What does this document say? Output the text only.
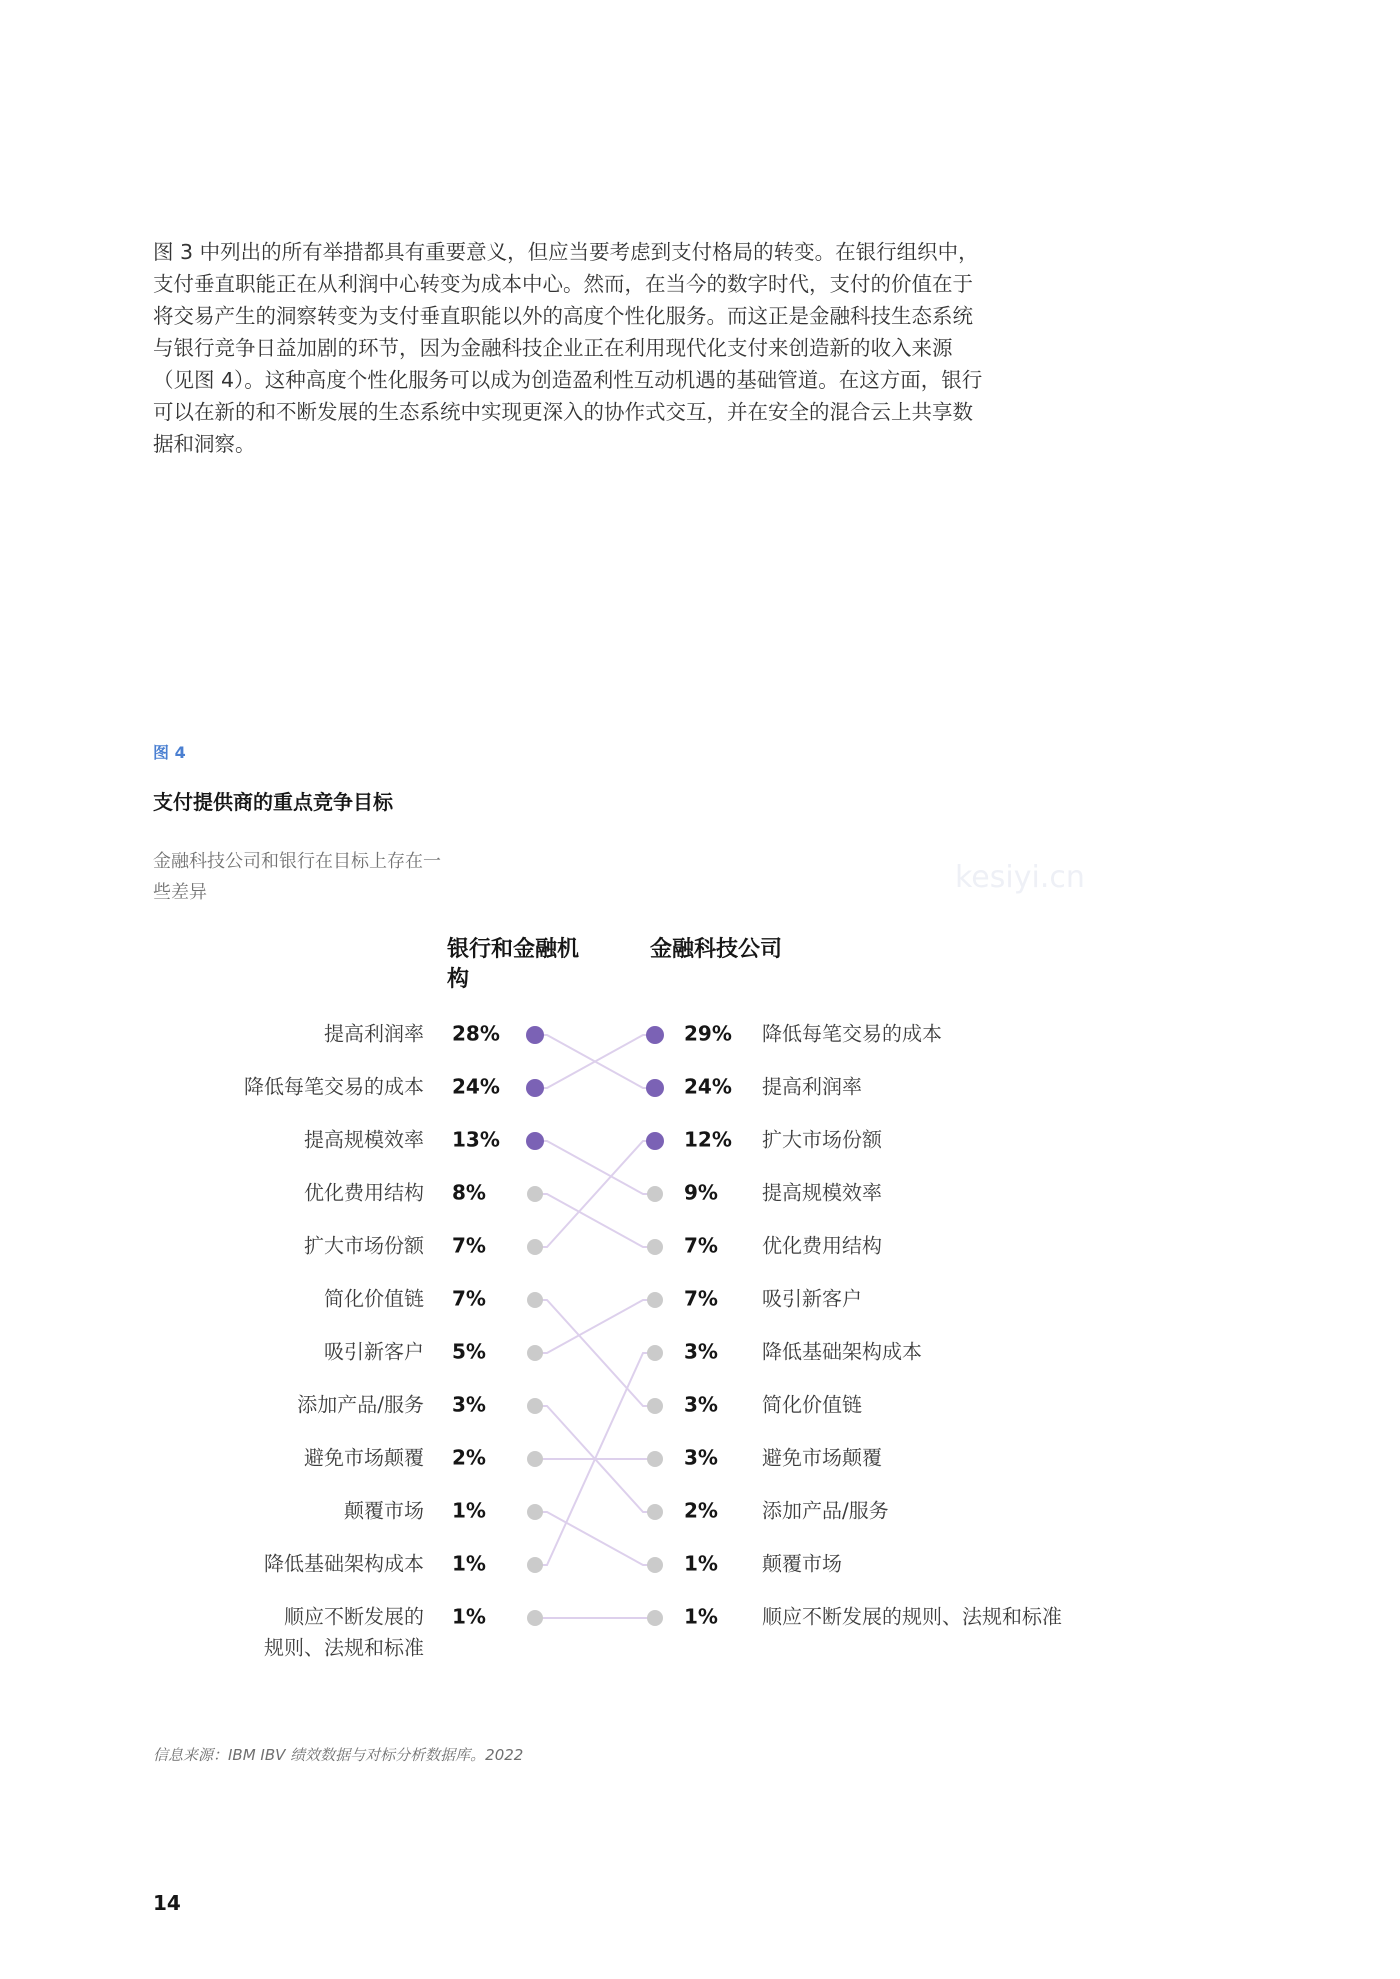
图 3 中列出的所有举措都具有重要意义，但应当要考虑到支付格局的转变。在银行组织中，支付垂直职能正在从利润中心转变为成本中心。然而，在当今的数字时代，支付的价值在于将交易产生的洞察转变为支付垂直职能以外的高度个性化服务。而这正是金融科技生态系统与银行竞争日益加剧的环节，因为金融科技企业正在利用现代化支付来创造新的收入来源（见图 4）。这种高度个性化服务可以成为创造盈利性互动机遇的基础管道。在这方面，银行可以在新的和不断发展的生态系统中实现更深入的协作式交互，并在安全的混合云上共享数据和洞察。

图 4
支付提供商的重点竞争目标
金融科技公司和银行在目标上存在一些差异	kesiyi.cn
银行和金融机构
金融科技公司
提高利润率 28%
降低每笔交易的成本 24%
提高规模效率 13%
优化费用结构 8%
扩大市场份额 7%
简化价值链 7%
吸引新客户 5%
添加产品/服务 3%
避免市场颠覆 2%
颠覆市场 1%
降低基础架构成本 1%
顺应不断发展的
规则、法规和标准
1%
29% 降低每笔交易的成本
24% 提高利润率
12% 扩大市场份额
9% 提高规模效率
7% 优化费用结构
7% 吸引新客户
3% 降低基础架构成本
3% 简化价值链
3% 避免市场颠覆
2% 添加产品/服务
1% 颠覆市场
1% 顺应不断发展的规则、法规和标准
信息来源：IBM IBV 绩效数据与对标分析数据库。2022
14
